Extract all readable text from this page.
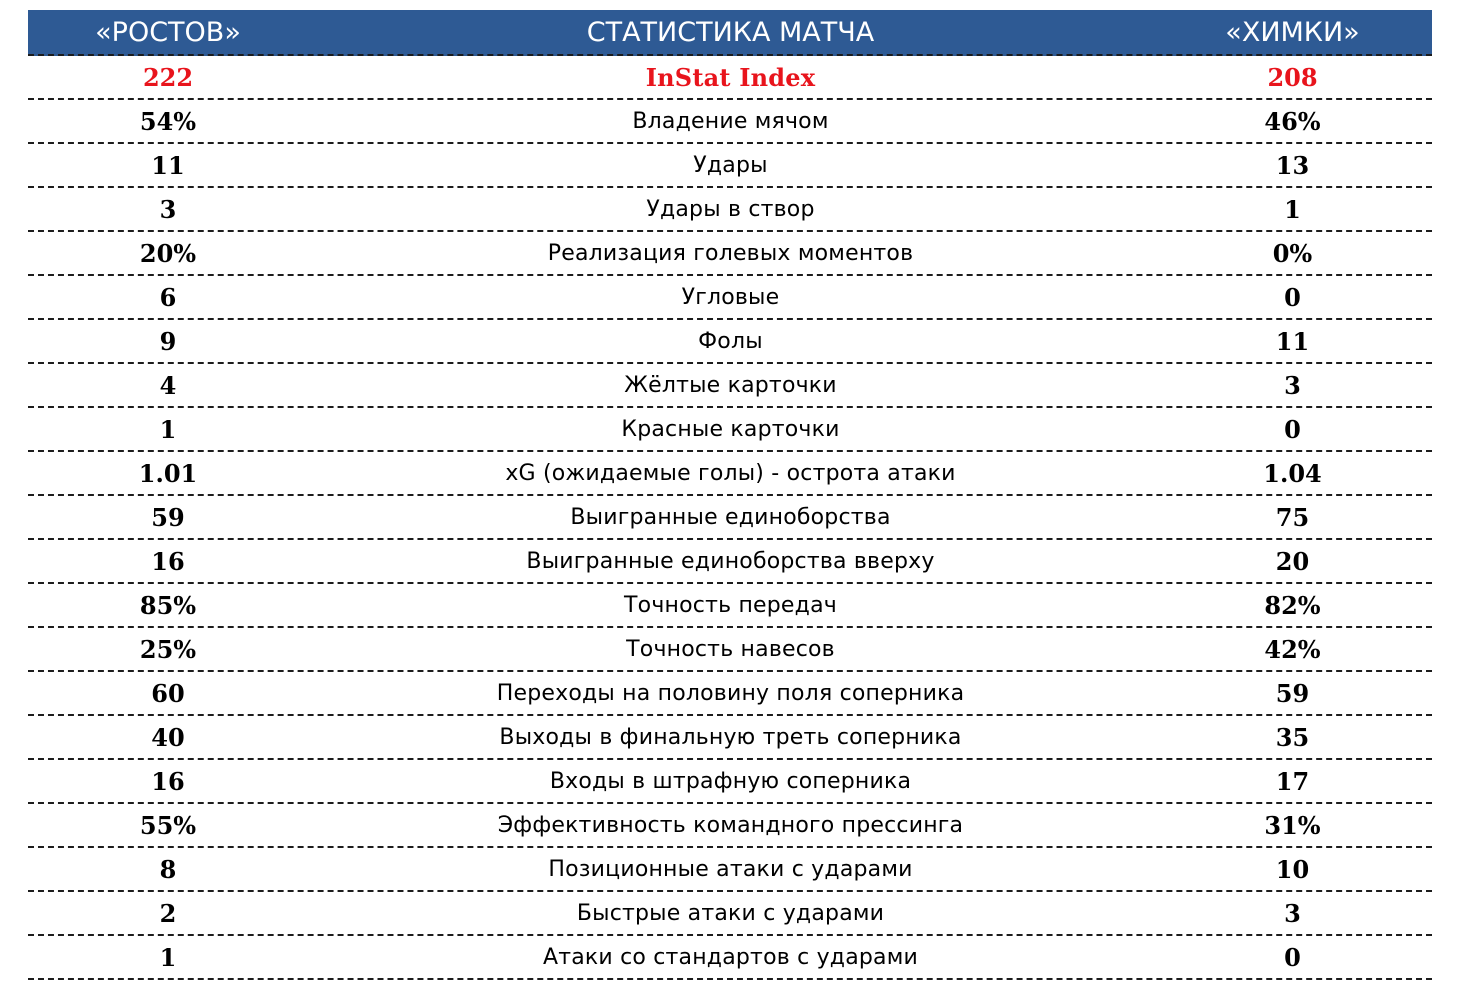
«РОСТОВ»	СТАТИСТИКА МАТЧА	«ХИМКИ»
222	InStat Index	208
54%	Владение мячом	46%
11	Удары	13
3	Удары в створ	1
20%	Реализация голевых моментов	0%
6	Угловые	0
9	Фолы	11
4	Жёлтые карточки	3
1	Красные карточки	0
1.01	xG (ожидаемые голы) - острота атаки	1.04
59	Выигранные единоборства	75
16	Выигранные единоборства вверху	20
85%	Точность передач	82%
25%	Точность навесов	42%
60	Переходы на половину поля соперника	59
40	Выходы в финальную треть соперника	35
16	Входы в штрафную соперника	17
55%	Эффективность командного прессинга	31%
8	Позиционные атаки с ударами	10
2	Быстрые атаки с ударами	3
1	Атаки со стандартов с ударами	0
